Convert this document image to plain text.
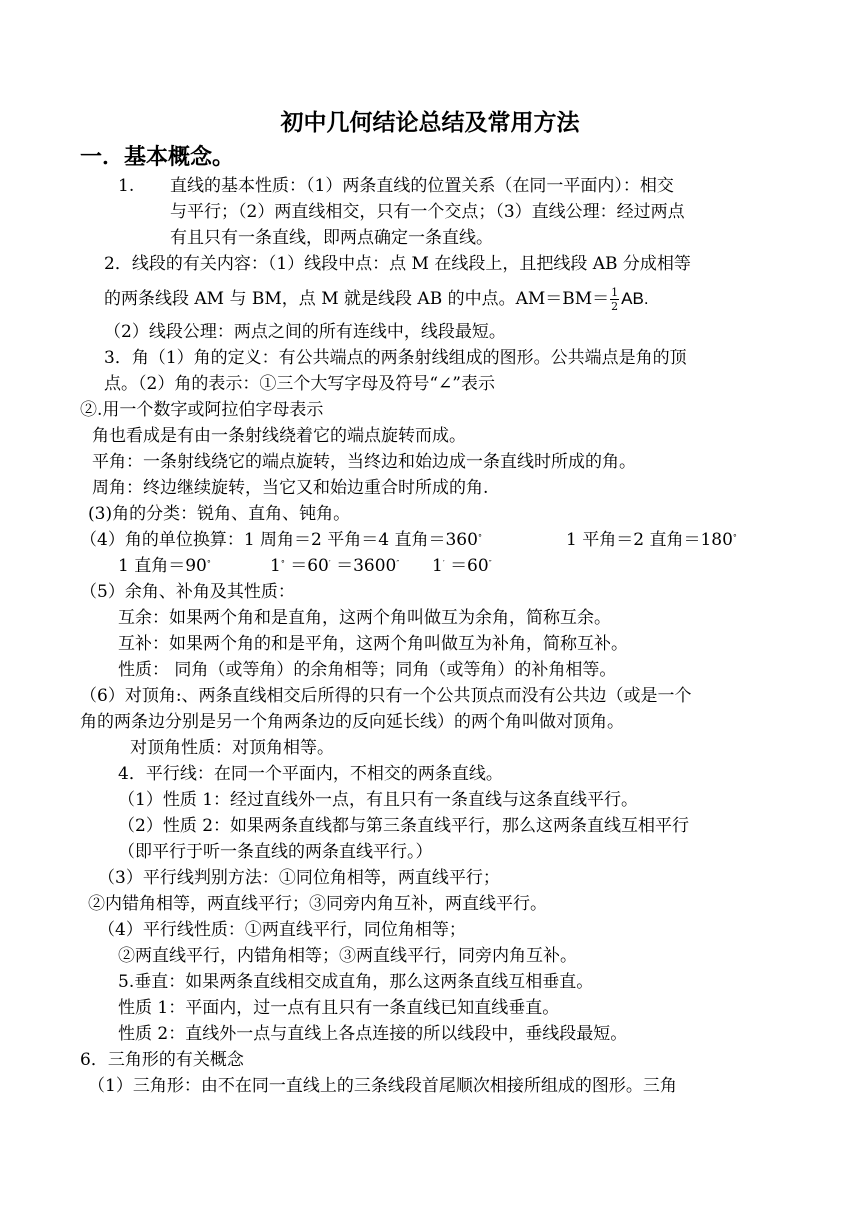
初中几何结论总结及常用方法
一．基本概念。
1. 直线的基本性质：（1）两条直线的位置关系（在同一平面内）：相交
与平行；（2）两直线相交，只有一个交点；（3）直线公理：经过两点
有且只有一条直线，即两点确定一条直线。
2．线段的有关内容：（1）线段中点：点 M 在线段上，且把线段 AB 分成相等
的两条线段 AM 与 BM，点 M 就是线段 AB 的中点。$AM=BM= \frac{1}{2}$ AB.
（2）线段公理：两点之间的所有连线中，线段最短。
3．角（1）角的定义：有公共端点的两条射线组成的图形。公共端点是角的顶
点。（2）角的表示：①三个大写字母及符号“∠”表示
②.用一个数字或阿拉伯字母表示
角也看成是有由一条射线绕着它的端点旋转而成。
平角：一条射线绕它的端点旋转，当终边和始边成一条直线时所成的角。
周角：终边继续旋转，当它又和始边重合时所成的角.
(3)角的分类：锐角、直角、钝角。
（4）角的单位换算：1 周角＝2 平角＝4 直角＝360°	1 平角＝2 直角＝180°
1 直角＝90°	1° ＝60′ ＝3600″ 1′ ＝60″
（5）余角、补角及其性质：
互余：如果两个角和是直角，这两个角叫做互为余角，简称互余。
互补：如果两个角的和是平角，这两个角叫做互为补角，简称互补。
性质： 同角（或等角）的余角相等；同角（或等角）的补角相等。
（6）对顶角:、两条直线相交后所得的只有一个公共顶点而没有公共边（或是一个
角的两条边分别是另一个角两条边的反向延长线）的两个角叫做对顶角。
对顶角性质：对顶角相等。
4．平行线：在同一个平面内，不相交的两条直线。
（1）性质 1：经过直线外一点，有且只有一条直线与这条直线平行。
（2）性质 2：如果两条直线都与第三条直线平行，那么这两条直线互相平行
（即平行于听一条直线的两条直线平行。）
（3）平行线判别方法：①同位角相等，两直线平行；
②内错角相等，两直线平行；③同旁内角互补，两直线平行。
（4）平行线性质：①两直线平行，同位角相等；
②两直线平行，内错角相等；③两直线平行，同旁内角互补。
5.垂直：如果两条直线相交成直角，那么这两条直线互相垂直。
性质 1：平面内，过一点有且只有一条直线已知直线垂直。
性质 2：直线外一点与直线上各点连接的所以线段中，垂线段最短。
6．三角形的有关概念
（1）三角形：由不在同一直线上的三条线段首尾顺次相接所组成的图形。三角
